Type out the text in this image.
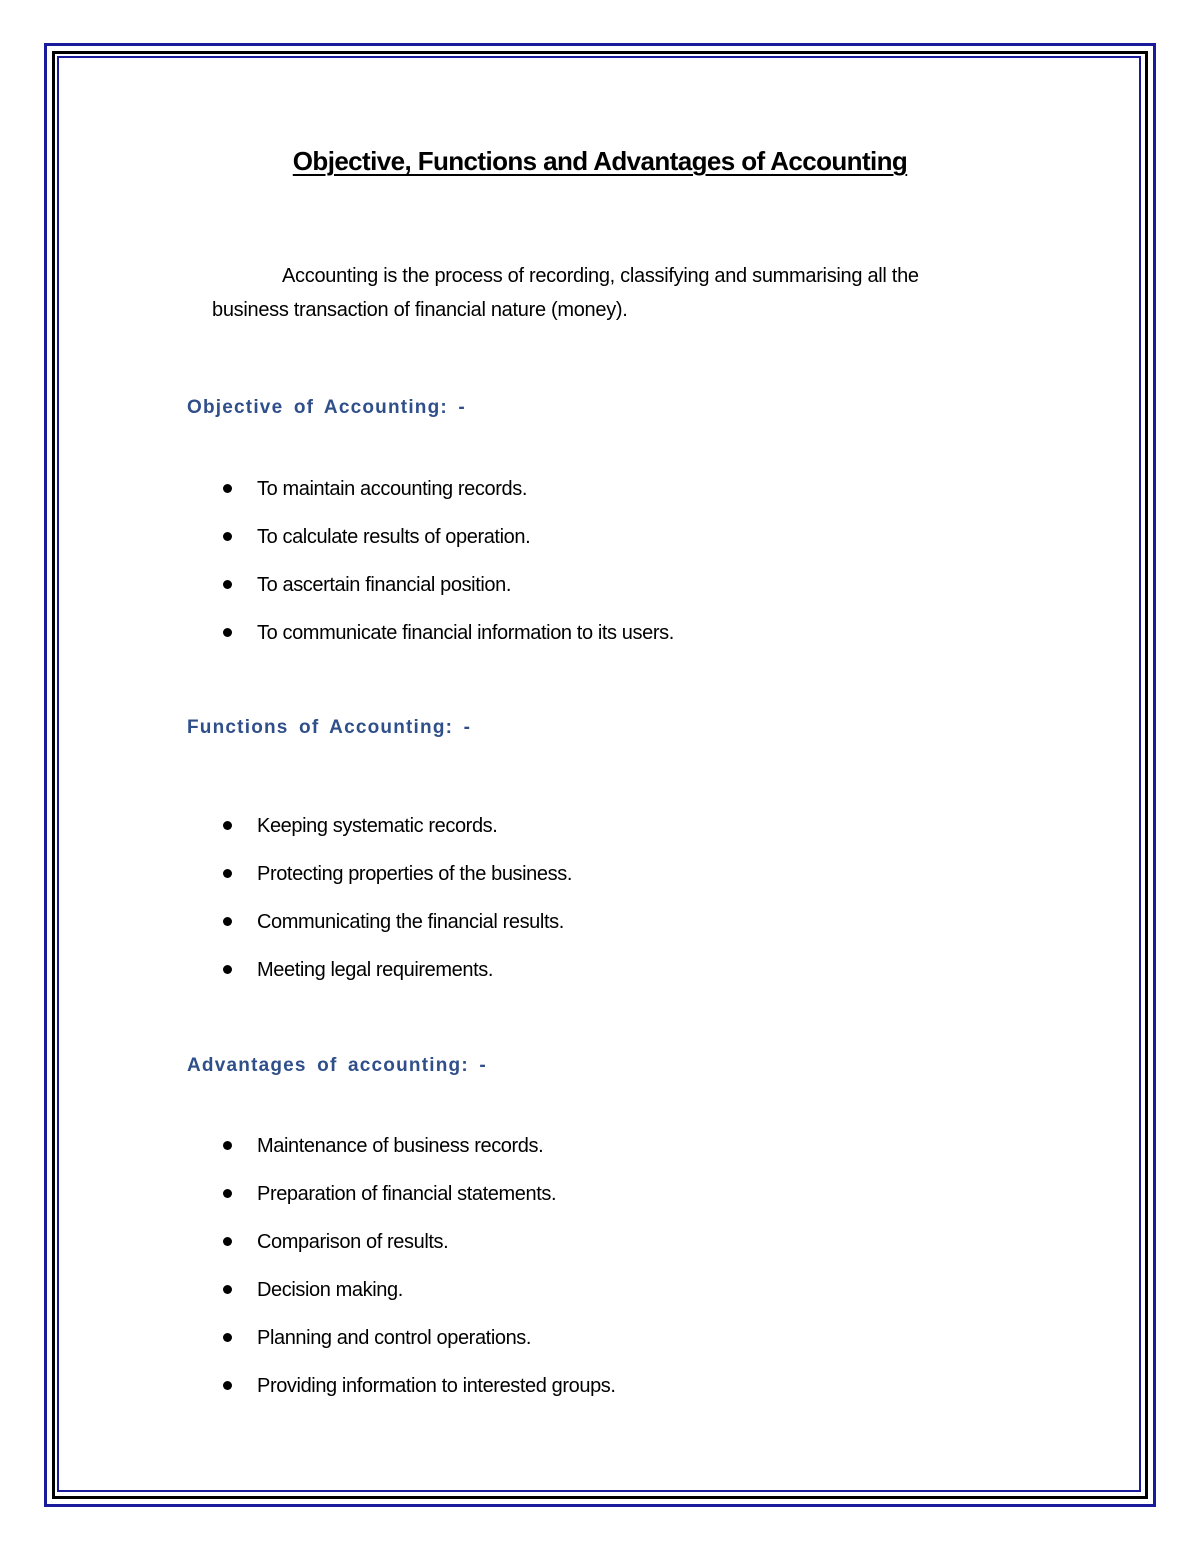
Objective, Functions and Advantages of Accounting
Accounting is the process of recording, classifying and summarising all the
business transaction of financial nature (money).
Objective of Accounting: -
To maintain accounting records.
To calculate results of operation.
To ascertain financial position.
To communicate financial information to its users.
Functions of Accounting: -
Keeping systematic records.
Protecting properties of the business.
Communicating the financial results.
Meeting legal requirements.
Advantages of accounting: -
Maintenance of business records.
Preparation of financial statements.
Comparison of results.
Decision making.
Planning and control operations.
Providing information to interested groups.
